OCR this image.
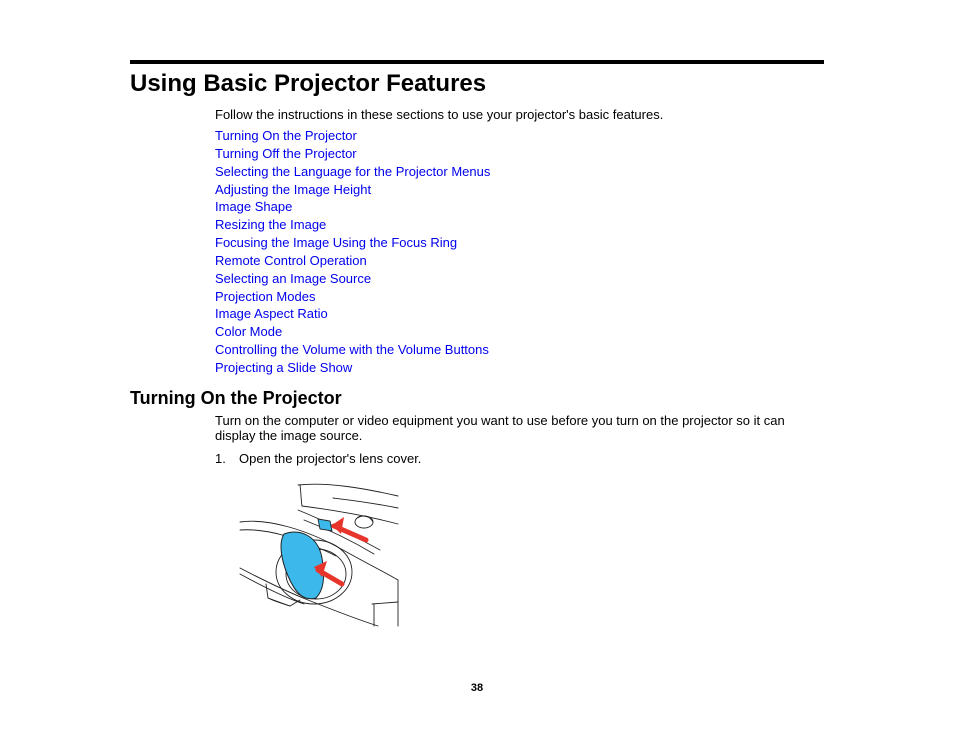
Using Basic Projector Features

Follow the instructions in these sections to use your projector's basic features.

Turning On the Projector
Turning Off the Projector
Selecting the Language for the Projector Menus
Adjusting the Image Height
Image Shape
Resizing the Image
Focusing the Image Using the Focus Ring
Remote Control Operation
Selecting an Image Source
Projection Modes
Image Aspect Ratio
Color Mode
Controlling the Volume with the Volume Buttons
Projecting a Slide Show
Turning On the Projector

Turn on the computer or video equipment you want to use before you turn on the projector so it can display the image source.

1. Open the projector's lens cover.

38
